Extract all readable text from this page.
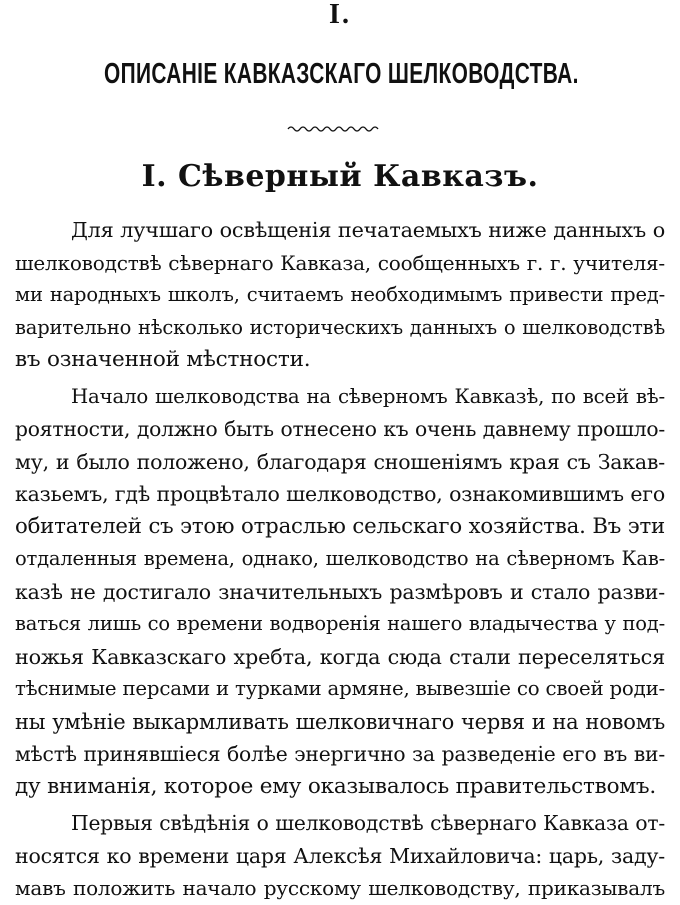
I.
ОПИСАНІЕ КАВКАЗСКАГО ШЕЛКОВОДСТВА.
I. Сѣверный Кавказъ.
Для лучшаго освѣщенія печатаемыхъ ниже данныхъ о
шелководствѣ сѣвернаго Кавказа, сообщенныхъ г. г. учителя-
ми народныхъ школъ, считаемъ необходимымъ привести пред-
варительно нѣсколько историческихъ данныхъ о шелководствѣ
въ означенной мѣстности.
Начало шелководства на сѣверномъ Кавказѣ, по всей вѣ-
роятности, должно быть отнесено къ очень давнему прошло-
му, и было положено, благодаря сношеніямъ края съ Закав-
казьемъ, гдѣ процвѣтало шелководство, ознакомившимъ его
обитателей съ этою отраслью сельскаго хозяйства. Въ эти
отдаленныя времена, однако, шелководство на сѣверномъ Кав-
казѣ не достигало значительныхъ размѣровъ и стало разви-
ваться лишь со времени водворенія нашего владычества у под-
ножья Кавказскаго хребта, когда сюда стали переселяться
тѣснимые персами и турками армяне, вывезшіе со своей роди-
ны умѣніе выкармливать шелковичнаго червя и на новомъ
мѣстѣ принявшіеся болѣе энергично за разведеніе его въ ви-
ду вниманія, которое ему оказывалось правительствомъ.
Первыя свѣдѣнія о шелководствѣ сѣвернаго Кавказа от-
носятся ко времени царя Алексѣя Михайловича: царь, заду-
мавъ положить начало русскому шелководству, приказывалъ
